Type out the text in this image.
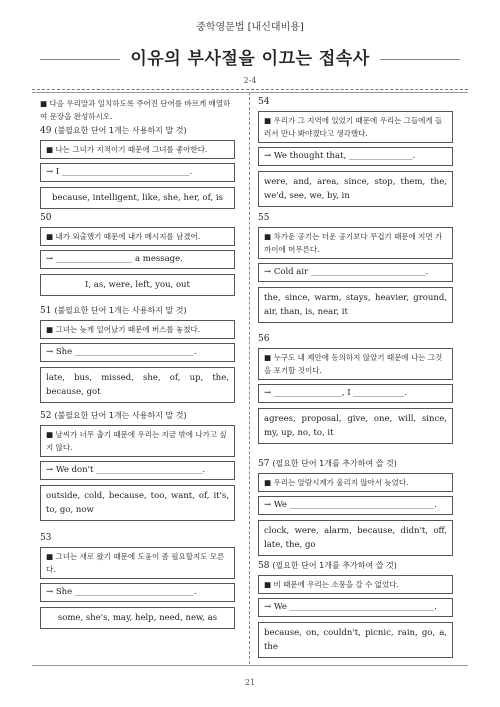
중학영문법 [내신대비용]
이유의 부사절을 이끄는 접속사
2-4
■ 다음 우리말과 일치하도록 주어진 단어를 바르게 배열하여 문장을 완성하시오.
49 (불필요한 단어 1개는 사용하지 말 것)
■ 나는 그녀가 지적이기 때문에 그녀를 좋아한다.
→ I ______________________________.
because, intelligent, like, she, her, of, is
50
■ 내가 외출했기 때문에 내가 메시지를 남겼어.
→ __________________ a message.
I, as, were, left, you, out
51 (불필요한 단어 1개는 사용하지 말 것)
■ 그녀는 늦게 일어났기 때문에 버스를 놓쳤다.
→ She ____________________________.
late, bus, missed, she, of, up, the, because, got
52 (불필요한 단어 1개는 사용하지 말 것)
■ 날씨가 너무 춥기 때문에 우리는 지금 밖에 나가고 싶지 않다.
→ We don't _________________________.
outside, cold, because, too, want, of, it's, to, go, now
53
■ 그녀는 새로 왔기 때문에 도움이 좀 필요할지도 모른다.
→ She ____________________________.
some, she's, may, help, need, new, as
54
■ 우리가 그 지역에 있었기 때문에 우리는 그들에게 들러서 만나 봐야겠다고 생각했다.
→ We thought that, _______________.
were, and, area, since, stop, them, the, we'd, see, we, by, in
55
■ 차가운 공기는 더운 공기보다 무겁기 때문에 지면 가까이에 머무른다.
→ Cold air ___________________________.
the, since, warm, stays, heavier, ground, air, than, is, near, it
56
■ 누구도 내 제안에 동의하지 않았기 때문에 나는 그것을 포기할 것이다.
→ ________________, I ____________.
agrees, proposal, give, one, will, since, my, up, no, to, it
57 (필요한 단어 1개를 추가하여 쓸 것)
■ 우리는 알람시계가 울리지 않아서 늦었다.
→ We __________________________________.
clock, were, alarm, because, didn't, off, late, the, go
58 (필요한 단어 1개를 추가하여 쓸 것)
■ 비 때문에 우리는 소풍을 갈 수 없었다.
→ We __________________________________.
because, on, couldn't, picnic, rain, go, a, the
21
